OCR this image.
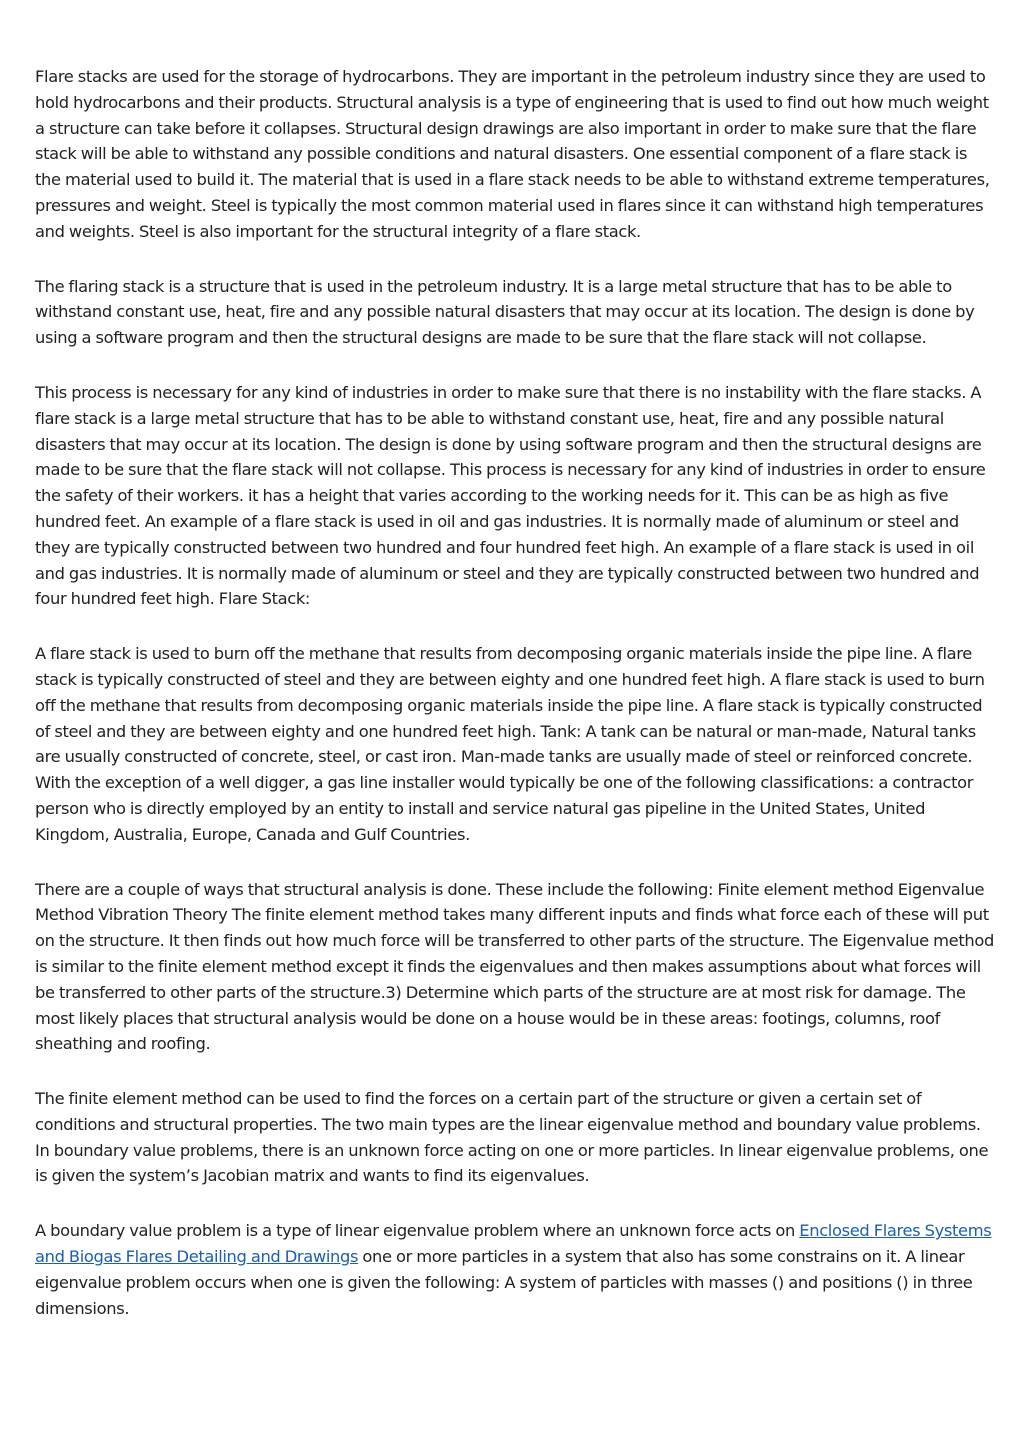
Flare stacks are used for the storage of hydrocarbons. They are important in the petroleum industry since they are used to hold hydrocarbons and their products. Structural analysis is a type of engineering that is used to find out how much weight a structure can take before it collapses. Structural design drawings are also important in order to make sure that the flare stack will be able to withstand any possible conditions and natural disasters. One essential component of a flare stack is the material used to build it. The material that is used in a flare stack needs to be able to withstand extreme temperatures, pressures and weight. Steel is typically the most common material used in flares since it can withstand high temperatures and weights. Steel is also important for the structural integrity of a flare stack.

The flaring stack is a structure that is used in the petroleum industry. It is a large metal structure that has to be able to withstand constant use, heat, fire and any possible natural disasters that may occur at its location. The design is done by using a software program and then the structural designs are made to be sure that the flare stack will not collapse.

This process is necessary for any kind of industries in order to make sure that there is no instability with the flare stacks. A flare stack is a large metal structure that has to be able to withstand constant use, heat, fire and any possible natural disasters that may occur at its location. The design is done by using software program and then the structural designs are made to be sure that the flare stack will not collapse. This process is necessary for any kind of industries in order to ensure the safety of their workers. it has a height that varies according to the working needs for it. This can be as high as five hundred feet. An example of a flare stack is used in oil and gas industries. It is normally made of aluminum or steel and they are typically constructed between two hundred and four hundred feet high. An example of a flare stack is used in oil and gas industries. It is normally made of aluminum or steel and they are typically constructed between two hundred and four hundred feet high. Flare Stack:

A flare stack is used to burn off the methane that results from decomposing organic materials inside the pipe line. A flare stack is typically constructed of steel and they are between eighty and one hundred feet high. A flare stack is used to burn off the methane that results from decomposing organic materials inside the pipe line. A flare stack is typically constructed of steel and they are between eighty and one hundred feet high. Tank: A tank can be natural or man-made, Natural tanks are usually constructed of concrete, steel, or cast iron. Man-made tanks are usually made of steel or reinforced concrete. With the exception of a well digger, a gas line installer would typically be one of the following classifications: a contractor person who is directly employed by an entity to install and service natural gas pipeline in the United States, United Kingdom, Australia, Europe, Canada and Gulf Countries.

There are a couple of ways that structural analysis is done. These include the following: Finite element method Eigenvalue Method Vibration Theory The finite element method takes many different inputs and finds what force each of these will put on the structure. It then finds out how much force will be transferred to other parts of the structure. The Eigenvalue method is similar to the finite element method except it finds the eigenvalues and then makes assumptions about what forces will be transferred to other parts of the structure.3) Determine which parts of the structure are at most risk for damage. The most likely places that structural analysis would be done on a house would be in these areas: footings, columns, roof sheathing and roofing.

The finite element method can be used to find the forces on a certain part of the structure or given a certain set of conditions and structural properties. The two main types are the linear eigenvalue method and boundary value problems. In boundary value problems, there is an unknown force acting on one or more particles. In linear eigenvalue problems, one is given the system’s Jacobian matrix and wants to find its eigenvalues.

A boundary value problem is a type of linear eigenvalue problem where an unknown force acts on Enclosed Flares Systems and Biogas Flares Detailing and Drawings one or more particles in a system that also has some constrains on it. A linear eigenvalue problem occurs when one is given the following: A system of particles with masses () and positions () in three dimensions.
